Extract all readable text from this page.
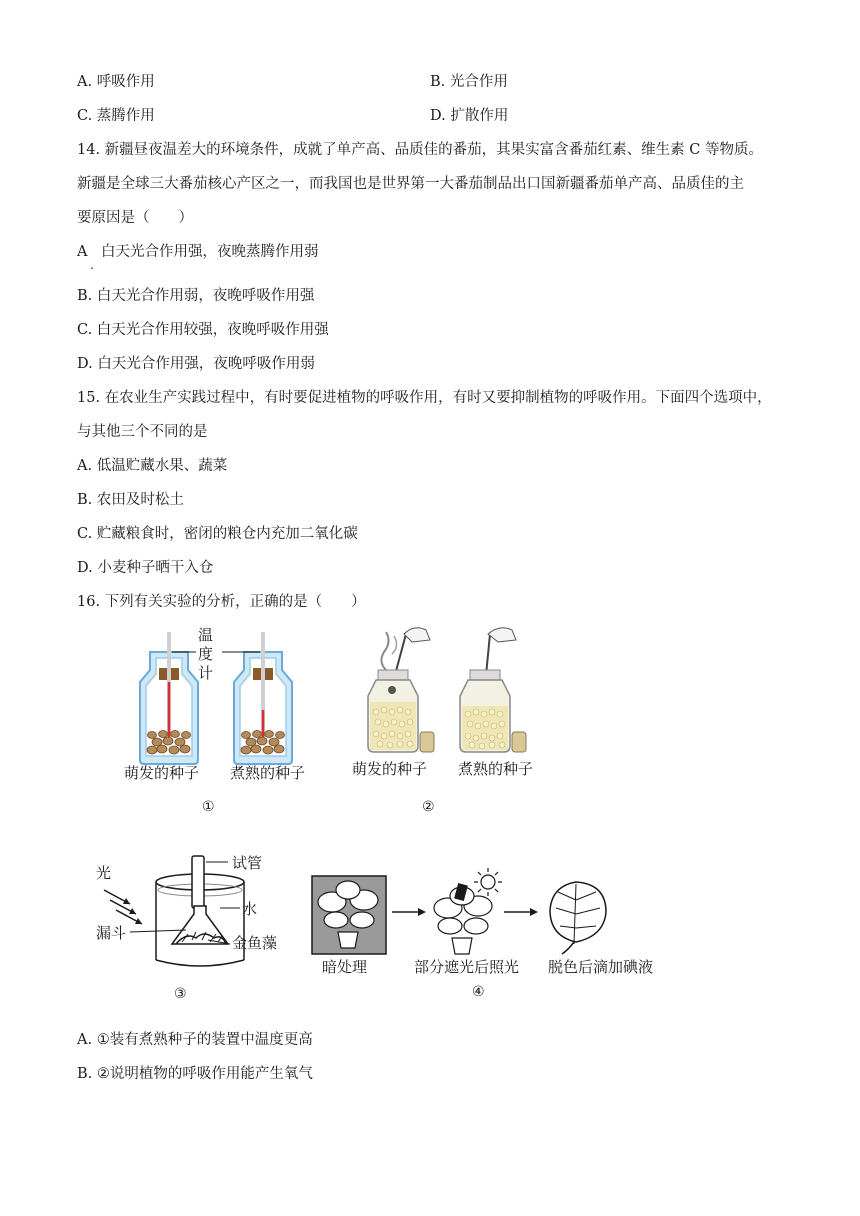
A. 呼吸作用	B. 光合作用
C. 蒸腾作用	D. 扩散作用
14. 新疆昼夜温差大的环境条件，成就了单产高、品质佳的番茄，其果实富含番茄红素、维生素 C 等物质。
新疆是全球三大番茄核心产区之一，而我国也是世界第一大番茄制品出口国新疆番茄单产高、品质佳的主
要原因是（　　）
A
.
白天光合作用强，夜晚蒸腾作用弱
B. 白天光合作用弱，夜晚呼吸作用强
C. 白天光合作用较强，夜晚呼吸作用强
D. 白天光合作用强，夜晚呼吸作用弱
15. 在农业生产实践过程中，有时要促进植物的呼吸作用，有时又要抑制植物的呼吸作用。下面四个选项中，
与其他三个不同的是
A. 低温贮藏水果、蔬菜
B. 农田及时松土
C. 贮藏粮食时，密闭的粮仓内充加二氧化碳
D. 小麦种子晒干入仓
16. 下列有关实验的分析，正确的是（　　）
温
度
计
萌发的种子 煮熟的种子
①
萌发的种子 煮熟的种子
②
光
试管
水
漏斗
金鱼藻
③
暗处理	部分遮光后照光 脱色后滴加碘液
④
A. ①装有煮熟种子的装置中温度更高
B. ②说明植物的呼吸作用能产生氧气
